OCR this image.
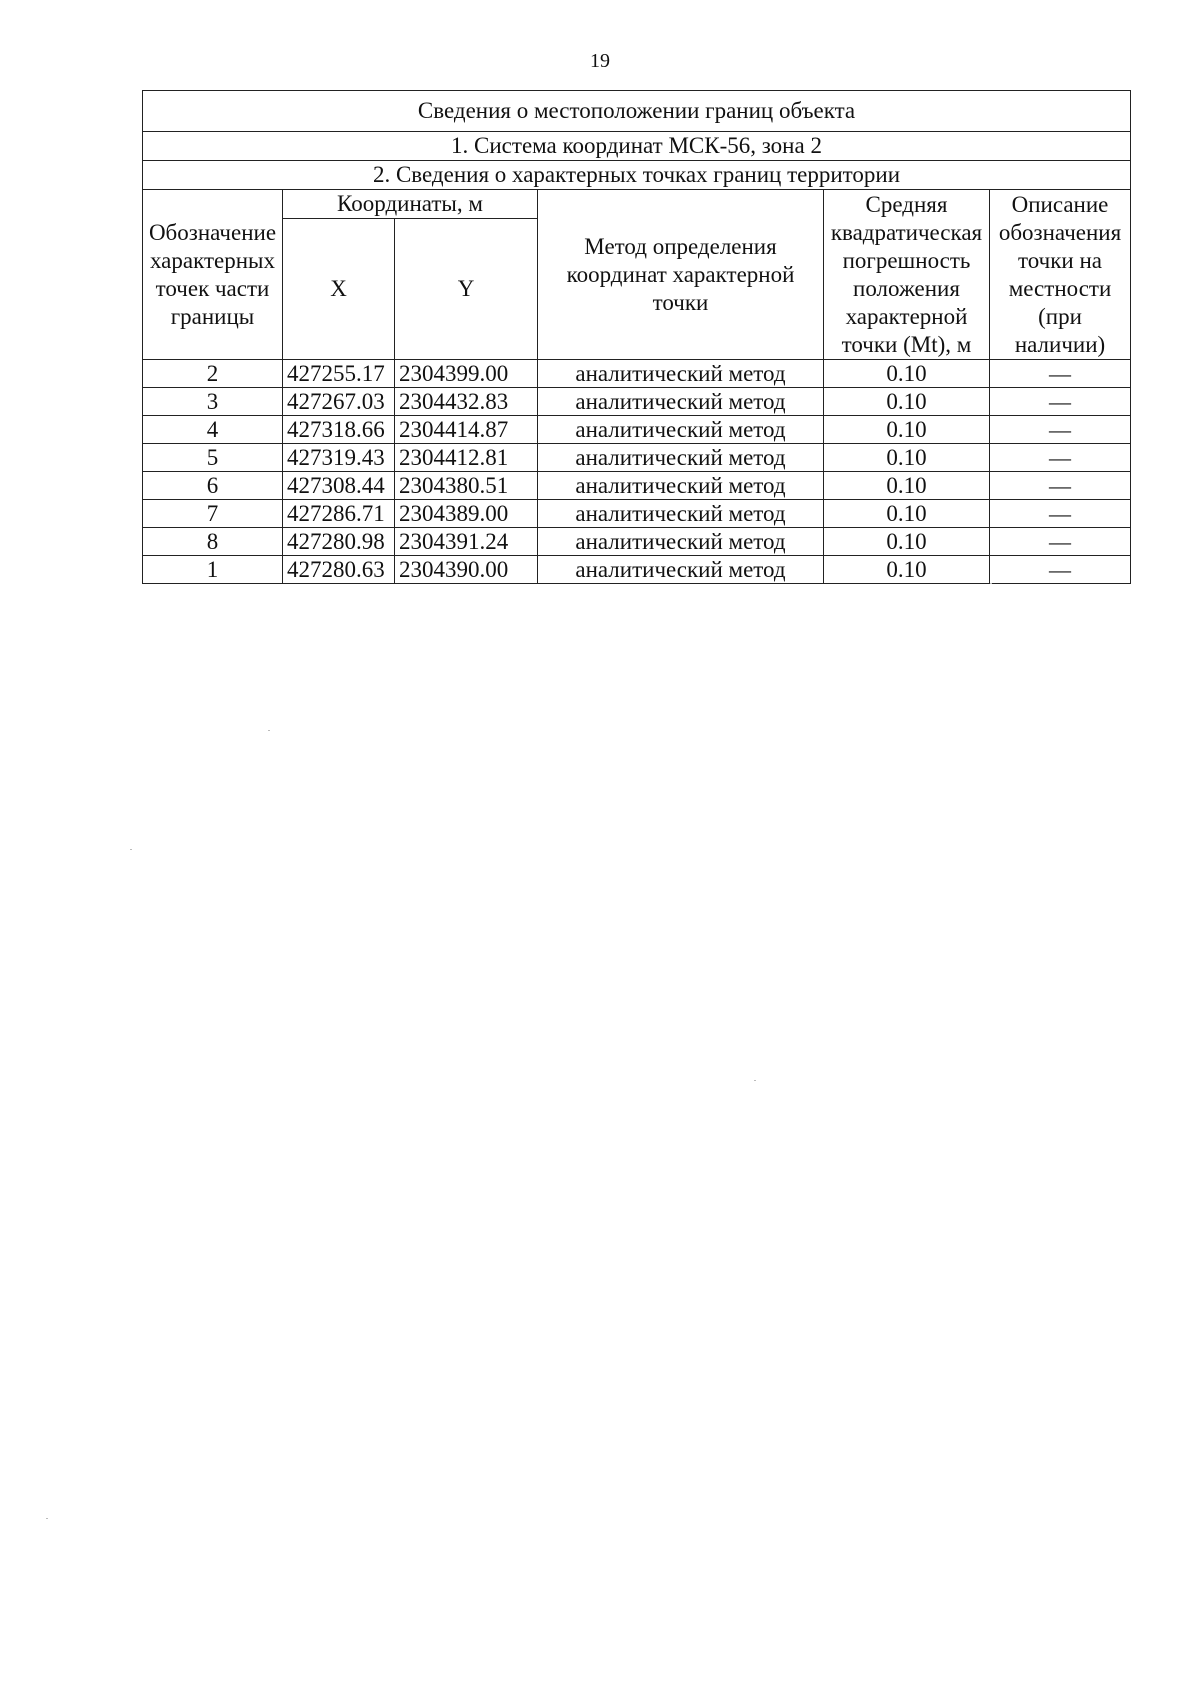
19
Сведения о местоположении границ объекта					
1. Система координат МСК-56, зона 2					
2. Сведения о характерных точках границ территории					
Обозначение характерных точек части границы	Координаты, м		Метод определения координат характерной точки	Средняя квадратическая погрешность положения характерной точки (Mt), м	Описание обозначения точки на местности (при наличии)
	X	Y			
2	427255.17	2304399.00	аналитический метод	0.10	—
3	427267.03	2304432.83	аналитический метод	0.10	—
4	427318.66	2304414.87	аналитический метод	0.10	—
5	427319.43	2304412.81	аналитический метод	0.10	—
6	427308.44	2304380.51	аналитический метод	0.10	—
7	427286.71	2304389.00	аналитический метод	0.10	—
8	427280.98	2304391.24	аналитический метод	0.10	—
1	427280.63	2304390.00	аналитический метод	0.10	—
